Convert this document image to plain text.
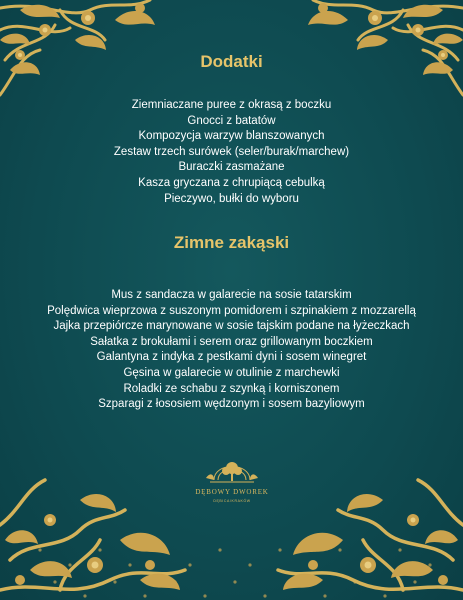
Dodatki
Ziemniaczane puree z okrasą z boczku
Gnocci z batatów
Kompozycja warzyw blanszowanych
Zestaw trzech surówek (seler/burak/marchew)
Buraczki zasmażane
Kasza gryczana z chrupiącą cebulką
Pieczywo, bułki do wyboru
Zimne zakąski
Mus z sandacza w galarecie na sosie tatarskim
Polędwica wieprzowa z suszonym pomidorem i szpinakiem z mozzarellą
Jajka przepiórcze marynowane w sosie tajskim podane na łyżeczkach
Sałatka z brokułami i serem oraz grillowanym boczkiem
Galantyna z indyka z pestkami dyni i sosem winegret
Gęsina w galarecie w otulinie z marchewki
Roladki ze schabu z szynką i korniszonem
Szparagi z łososiem wędzonym i sosem bazyliowym
DĘBOWY DWOREK
DĘBICA/KRAKÓW
